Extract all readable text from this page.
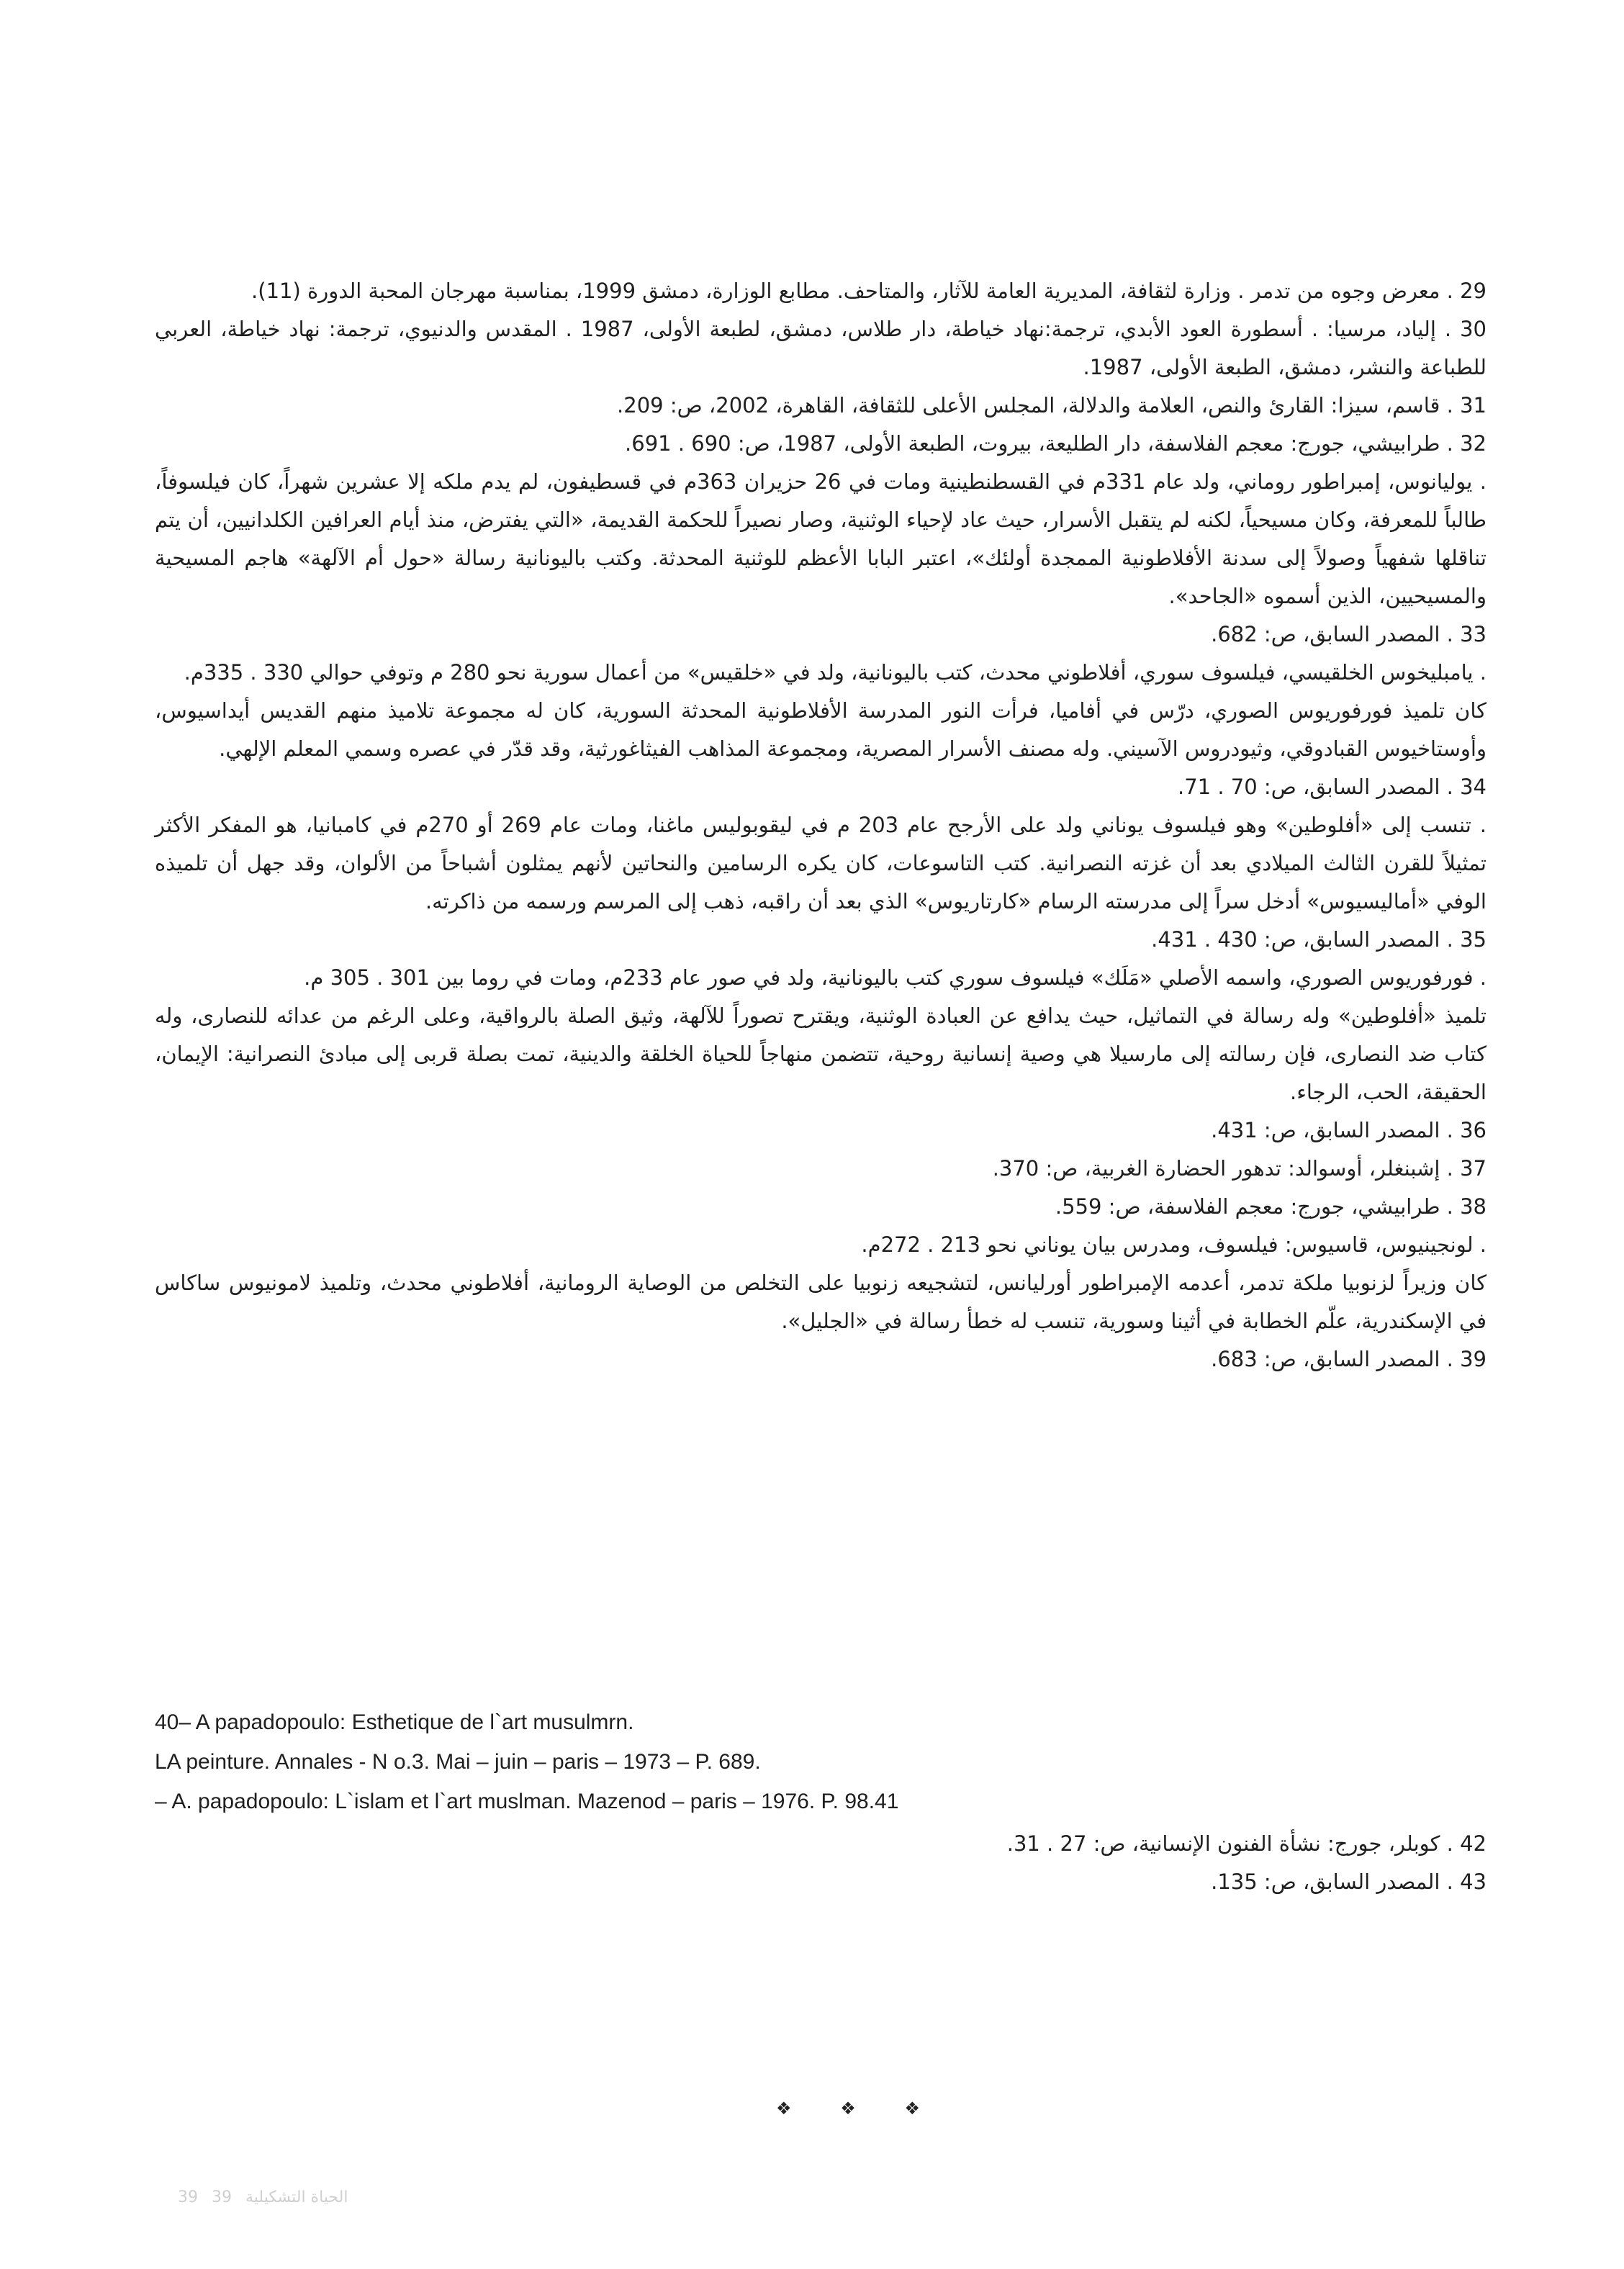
29 . معرض وجوه من تدمر . وزارة لثقافة، المديرية العامة للآثار، والمتاحف. مطابع الوزارة، دمشق 1999، بمناسبة مهرجان المحبة الدورة (11).

30 . إلياد، مرسيا: . أسطورة العود الأبدي، ترجمة:نهاد خياطة، دار طلاس، دمشق، لطبعة الأولى، 1987 . المقدس والدنيوي، ترجمة: نهاد خياطة، العربي للطباعة والنشر، دمشق، الطبعة الأولى، 1987.

31 . قاسم، سيزا: القارئ والنص، العلامة والدلالة، المجلس الأعلى للثقافة، القاهرة، 2002، ص: 209.

32 . طرابيشي، جورج: معجم الفلاسفة، دار الطليعة، بيروت، الطبعة الأولى، 1987، ص: 690 . 691.

. يوليانوس، إمبراطور روماني، ولد عام 331م في القسطنطينية ومات في 26 حزيران 363م في قسطيفون، لم يدم ملكه إلا عشرين شهراً، كان فيلسوفاً، طالباً للمعرفة، وكان مسيحياً، لكنه لم يتقبل الأسرار، حيث عاد لإحياء الوثنية، وصار نصيراً للحكمة القديمة، «التي يفترض، منذ أيام العرافين الكلدانيين، أن يتم تناقلها شفهياً وصولاً إلى سدنة الأفلاطونية الممجدة أولئك»، اعتبر البابا الأعظم للوثنية المحدثة. وكتب باليونانية رسالة «حول أم الآلهة» هاجم المسيحية والمسيحيين، الذين أسموه «الجاحد».

33 . المصدر السابق، ص: 682.

. يامبليخوس الخلقيسي، فيلسوف سوري، أفلاطوني محدث، كتب باليونانية، ولد في «خلقيس» من أعمال سورية نحو 280 م وتوفي حوالي 330 . 335م.

كان تلميذ فورفوريوس الصوري، درّس في أفاميا، فرأت النور المدرسة الأفلاطونية المحدثة السورية، كان له مجموعة تلاميذ منهم القديس أيداسيوس، وأوستاخيوس القبادوقي، وثيودروس الآسيني. وله مصنف الأسرار المصرية، ومجموعة المذاهب الفيثاغورثية، وقد قدّر في عصره وسمي المعلم الإلهي.

34 . المصدر السابق، ص: 70 . 71.

. تنسب إلى «أفلوطين» وهو فيلسوف يوناني ولد على الأرجح عام 203 م في ليقوبوليس ماغنا، ومات عام 269 أو 270م في كامبانيا، هو المفكر الأكثر تمثيلاً للقرن الثالث الميلادي بعد أن غزته النصرانية. كتب التاسوعات، كان يكره الرسامين والنحاتين لأنهم يمثلون أشباحاً من الألوان، وقد جهل أن تلميذه الوفي «أماليسيوس» أدخل سراً إلى مدرسته الرسام «كارتاريوس» الذي بعد أن راقبه، ذهب إلى المرسم ورسمه من ذاكرته.

35 . المصدر السابق، ص: 430 . 431.

. فورفوريوس الصوري، واسمه الأصلي «مَلَك» فيلسوف سوري كتب باليونانية، ولد في صور عام 233م، ومات في روما بين 301 . 305 م.

تلميذ «أفلوطين» وله رسالة في التماثيل، حيث يدافع عن العبادة الوثنية، ويقترح تصوراً للآلهة، وثيق الصلة بالرواقية، وعلى الرغم من عدائه للنصارى، وله كتاب ضد النصارى، فإن رسالته إلى مارسيلا هي وصية إنسانية روحية، تتضمن منهاجاً للحياة الخلقة والدينية، تمت بصلة قربى إلى مبادئ النصرانية: الإيمان، الحقيقة، الحب، الرجاء.

36 . المصدر السابق، ص: 431.

37 . إشبنغلر، أوسوالد: تدهور الحضارة الغربية، ص: 370.

38 . طرابيشي، جورج: معجم الفلاسفة، ص: 559.

. لونجينيوس، قاسيوس: فيلسوف، ومدرس بيان يوناني نحو 213 . 272م.

كان وزيراً لزنوبيا ملكة تدمر، أعدمه الإمبراطور أورليانس، لتشجيعه زنوبيا على التخلص من الوصاية الرومانية، أفلاطوني محدث، وتلميذ لامونيوس ساكاس في الإسكندرية، علّم الخطابة في أثينا وسورية، تنسب له خطأ رسالة في «الجليل».

39 . المصدر السابق، ص: 683.

40– A papadopoulo: Esthetique de l`art musulmrn.

LA peinture. Annales - N o.3. Mai – juin – paris – 1973 – P. 689.

– A. papadopoulo: L`islam et l`art muslman. Mazenod – paris – 1976. P. 98.41

42 . كوبلر، جورج: نشأة الفنون الإنسانية، ص: 27 . 31.

43 . المصدر السابق، ص: 135.

❖	❖	❖
الحياة التشكيلية 39 39
